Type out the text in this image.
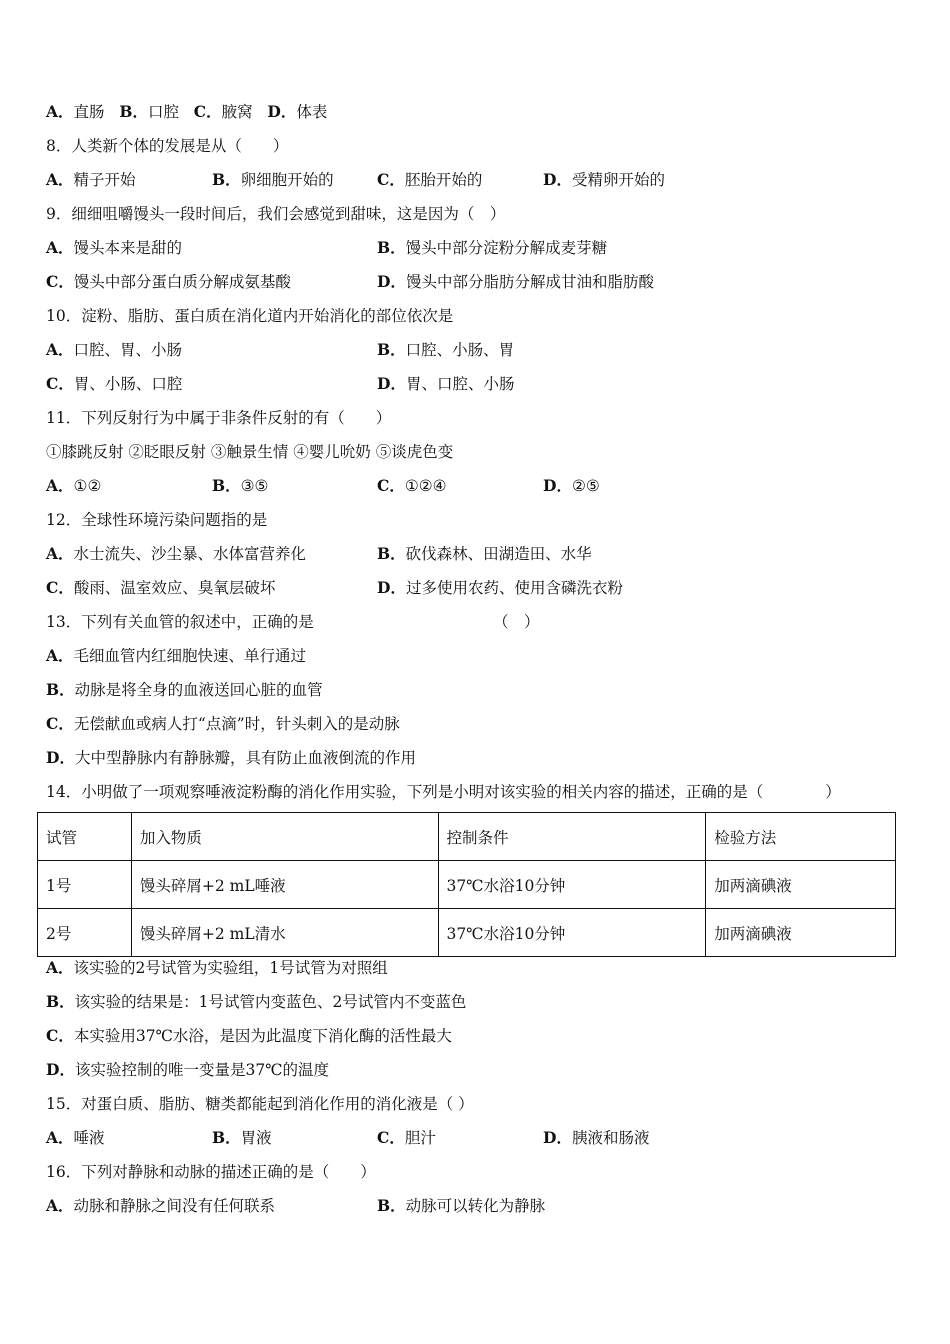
A．直肠 B．口腔 C．腋窝 D．体表
8．人类新个体的发展是从（　　）
A．精子开始	B．卵细胞开始的	C．胚胎开始的	D．受精卵开始的
9．细细咀嚼馒头一段时间后，我们会感觉到甜味，这是因为（　）
A．馒头本来是甜的	B．馒头中部分淀粉分解成麦芽糖
C．馒头中部分蛋白质分解成氨基酸	D．馒头中部分脂肪分解成甘油和脂肪酸
10．淀粉、脂肪、蛋白质在消化道内开始消化的部位依次是
A．口腔、胃、小肠	B．口腔、小肠、胃
C．胃、小肠、口腔	D．胃、口腔、小肠
11．下列反射行为中属于非条件反射的有（　　）
①膝跳反射 ②眨眼反射 ③触景生情 ④婴儿吮奶 ⑤谈虎色变
A．①②	B．③⑤	C．①②④	D．②⑤
12．全球性环境污染问题指的是
A．水士流失、沙尘暴、水体富营养化	B．砍伐森林、田湖造田、水华
C．酸雨、温室效应、臭氧层破坏	D．过多使用农药、使用含磷洗衣粉
13．下列有关血管的叙述中，正确的是	（　）
A．毛细血管内红细胞快速、单行通过
B．动脉是将全身的血液送回心脏的血管
C．无偿献血或病人打“点滴”时，针头刺入的是动脉
D．大中型静脉内有静脉瓣，具有防止血液倒流的作用
14．小明做了一项观察唾液淀粉酶的消化作用实验，下列是小明对该实验的相关内容的描述，正确的是（　　　　）
试管	加入物质	控制条件	检验方法
1号	馒头碎屑+2 mL唾液	37℃水浴10分钟	加两滴碘液
2号	馒头碎屑+2 mL清水	37℃水浴10分钟	加两滴碘液
A．该实验的2号试管为实验组，1号试管为对照组
B．该实验的结果是：1号试管内变蓝色、2号试管内不变蓝色
C．本实验用37℃水浴，是因为此温度下消化酶的活性最大
D．该实验控制的唯一变量是37℃的温度
15．对蛋白质、脂肪、糖类都能起到消化作用的消化液是（ ）
A．唾液	B．胃液	C．胆汁	D．胰液和肠液
16．下列对静脉和动脉的描述正确的是（　　）
A．动脉和静脉之间没有任何联系	B．动脉可以转化为静脉
